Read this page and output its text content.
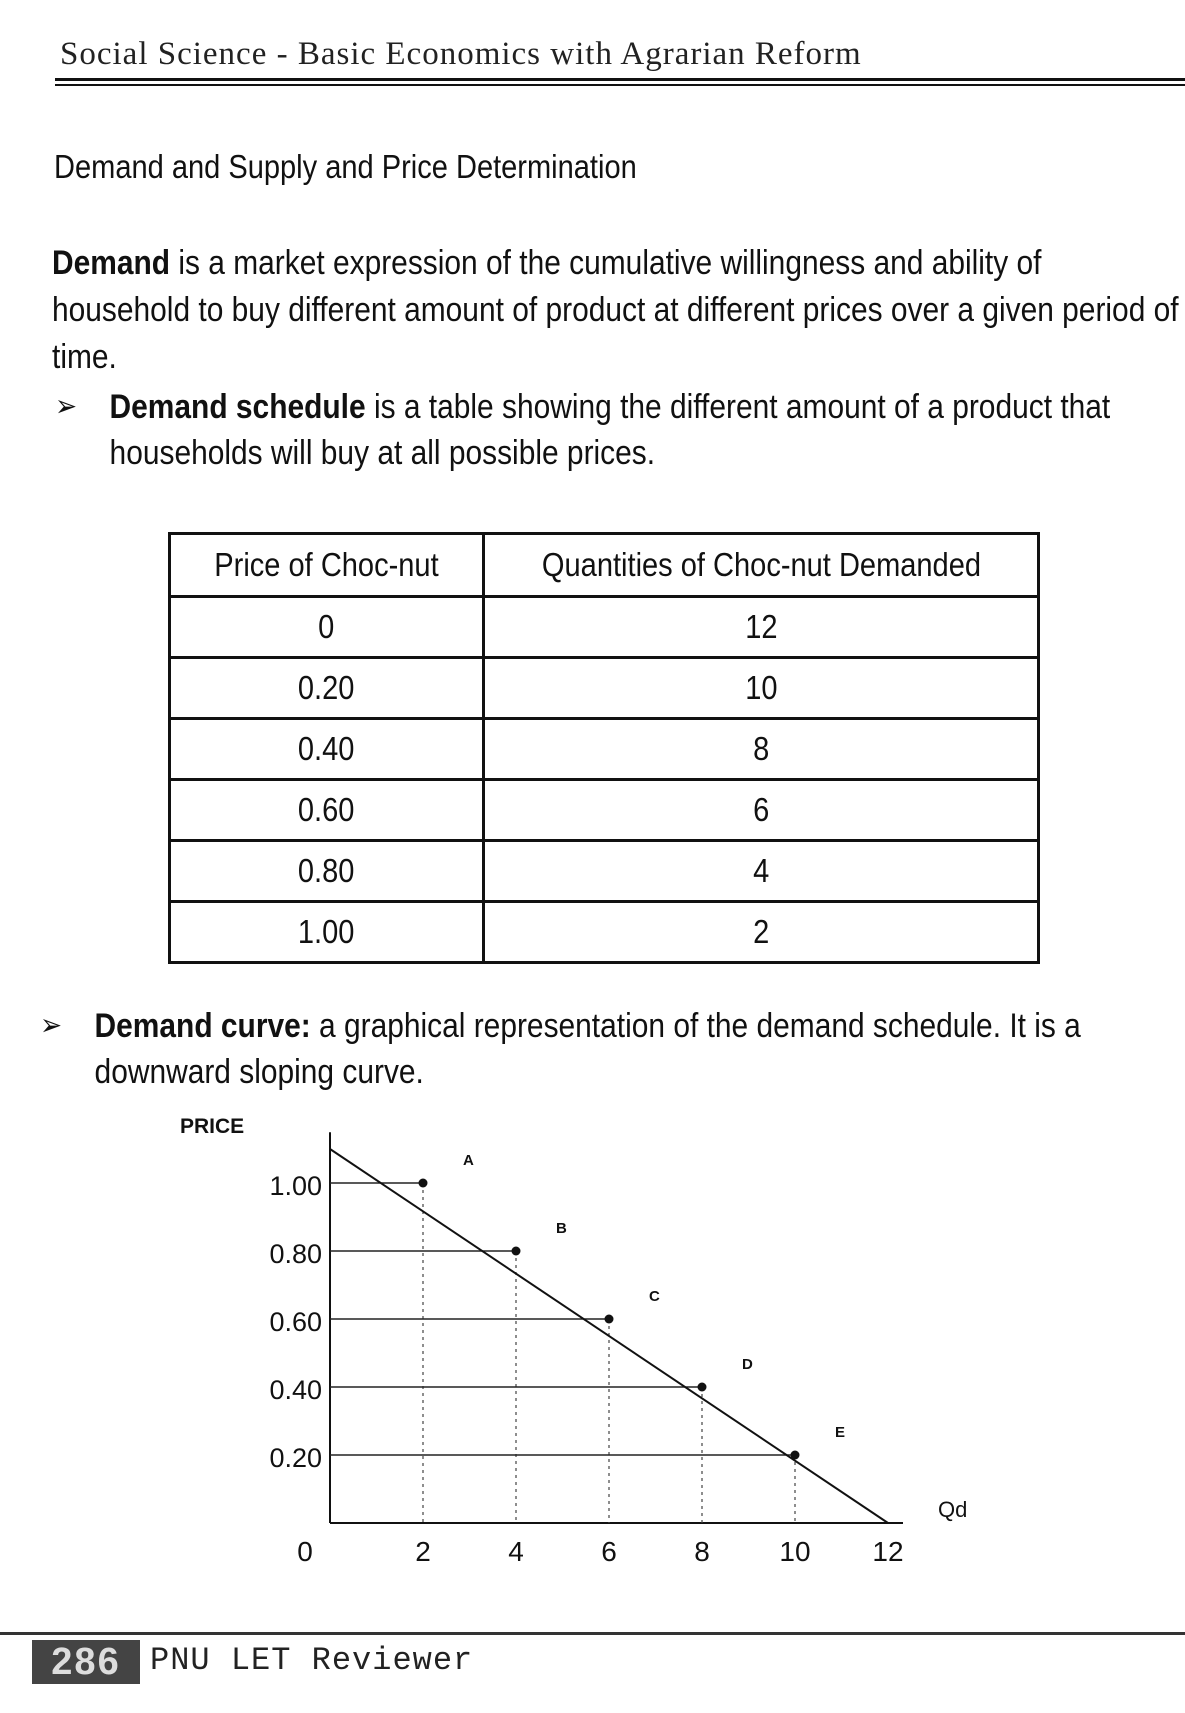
Social Science - Basic Economics with Agrarian Reform
Demand and Supply and Price Determination
Demand is a market expression of the cumulative willingness and ability of household to buy different amount of product at different prices over a given period of time.
➢ Demand schedule is a table showing the different amount of a product that households will buy at all possible prices.
Price of Choc-nut	Quantities of Choc-nut Demanded
0	12
0.20	10
0.40	8
0.60	6
0.80	4
1.00	2
➢ Demand curve: a graphical representation of the demand schedule. It is a downward sloping curve.
A
B
C
D
E
0.20
0.40
0.60
0.80
1.00
0	2	4	6	8 10 12
PRICE
Qd
286 PNU LET Reviewer
